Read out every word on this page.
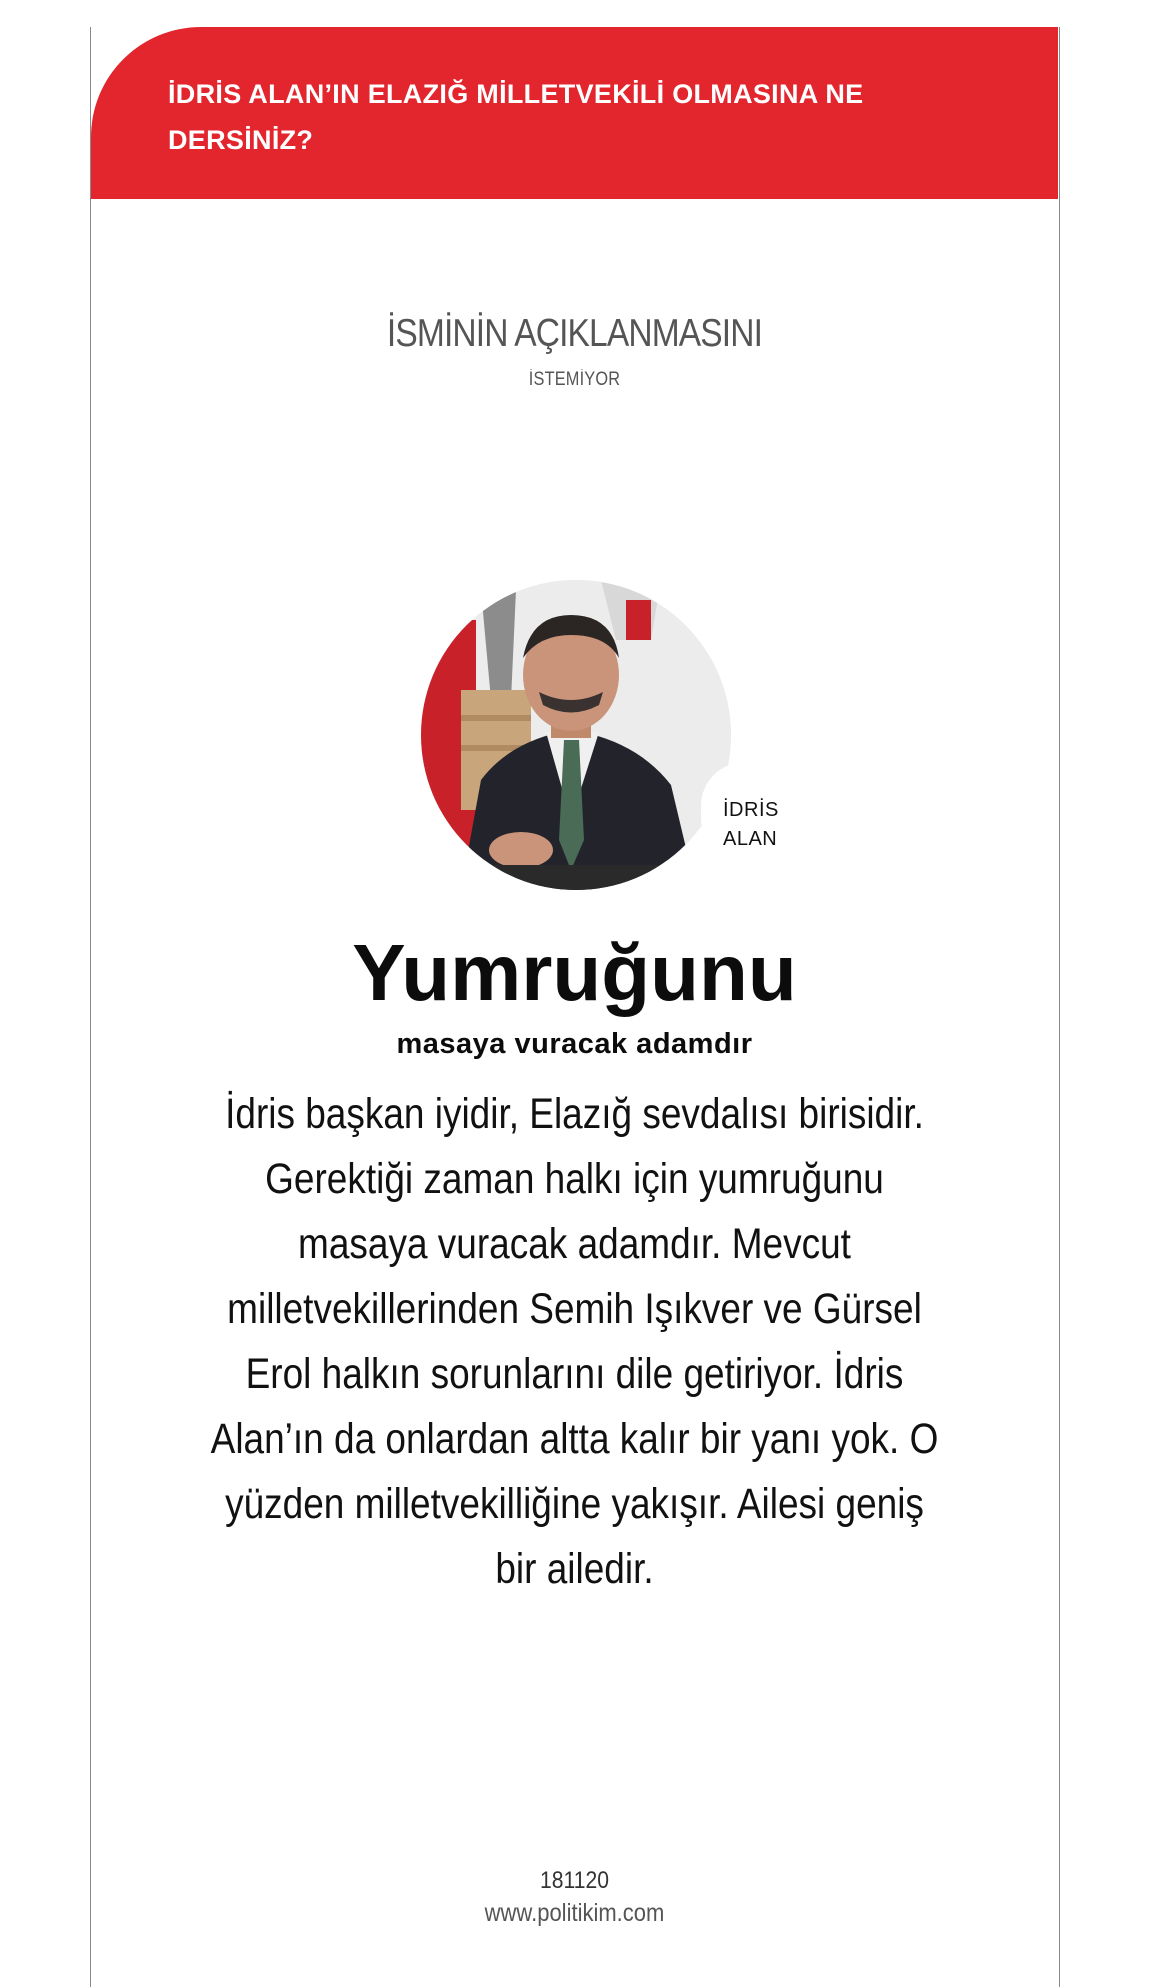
İDRİS ALAN’IN ELAZIĞ MİLLETVEKİLİ OLMASINA NE DERSİNİZ?

İSMİNİN AÇIKLANMASINI

İSTEMİYOR

İDRİS

ALAN

Yumruğunu
masaya vuracak adamdır

İdris başkan iyidir, Elazığ sevdalısı birisidir. Gerektiği zaman halkı için yumruğunu masaya vuracak adamdır. Mevcut milletvekillerinden Semih Işıkver ve Gürsel Erol halkın sorunlarını dile getiriyor. İdris Alan’ın da onlardan altta kalır bir yanı yok. O yüzden milletvekilliğine yakışır. Ailesi geniş bir ailedir.

181120

www.politikim.com
